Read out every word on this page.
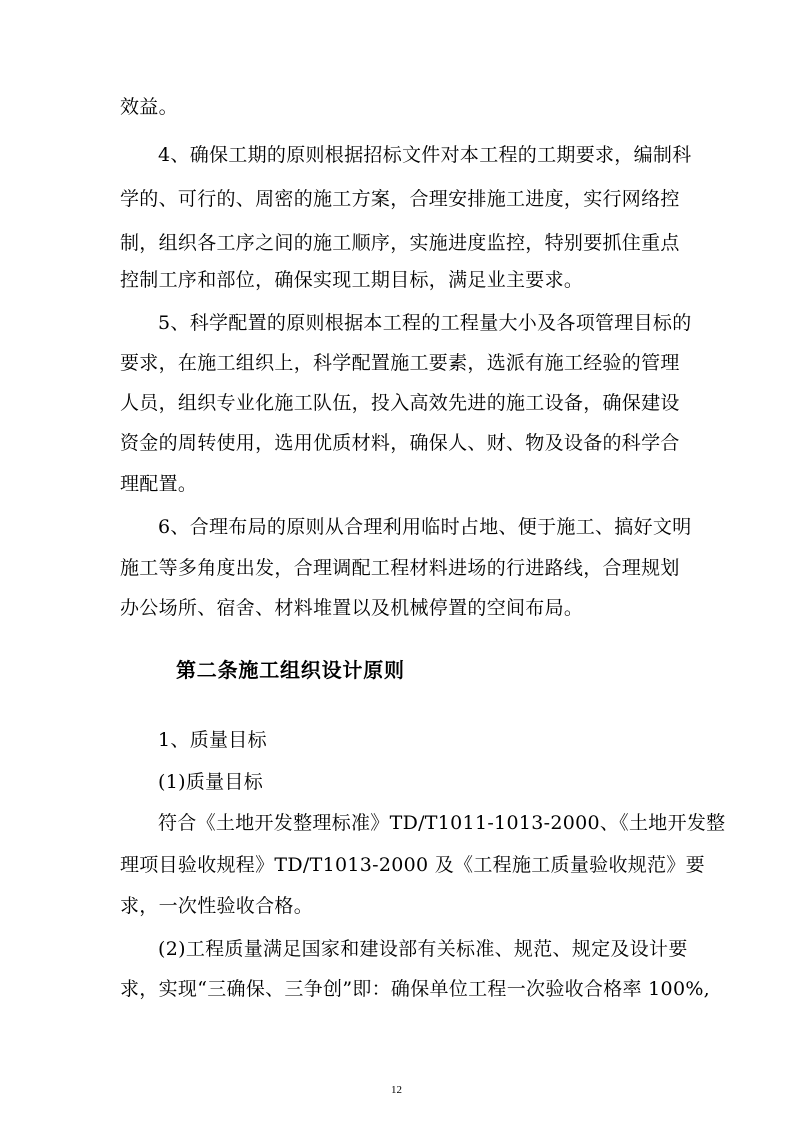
效益。
4、确保工期的原则根据招标文件对本工程的工期要求，编制科
学的、可行的、周密的施工方案，合理安排施工进度，实行网络控
制，组织各工序之间的施工顺序，实施进度监控，特别要抓住重点
控制工序和部位，确保实现工期目标，满足业主要求。
5、科学配置的原则根据本工程的工程量大小及各项管理目标的
要求，在施工组织上，科学配置施工要素，选派有施工经验的管理
人员，组织专业化施工队伍，投入高效先进的施工设备，确保建设
资金的周转使用，选用优质材料，确保人、财、物及设备的科学合
理配置。
6、合理布局的原则从合理利用临时占地、便于施工、搞好文明
施工等多角度出发，合理调配工程材料进场的行进路线，合理规划
办公场所、宿舍、材料堆置以及机械停置的空间布局。
第二条施工组织设计原则
1、质量目标
(1)质量目标
符合《土地开发整理标准》TD/T1011-1013-2000、《土地开发整
理项目验收规程》TD/T1013-2000 及《工程施工质量验收规范》要
求，一次性验收合格。
(2)工程质量满足国家和建设部有关标准、规范、规定及设计要
求，实现“三确保、三争创”即：确保单位工程一次验收合格率 100%,
12
